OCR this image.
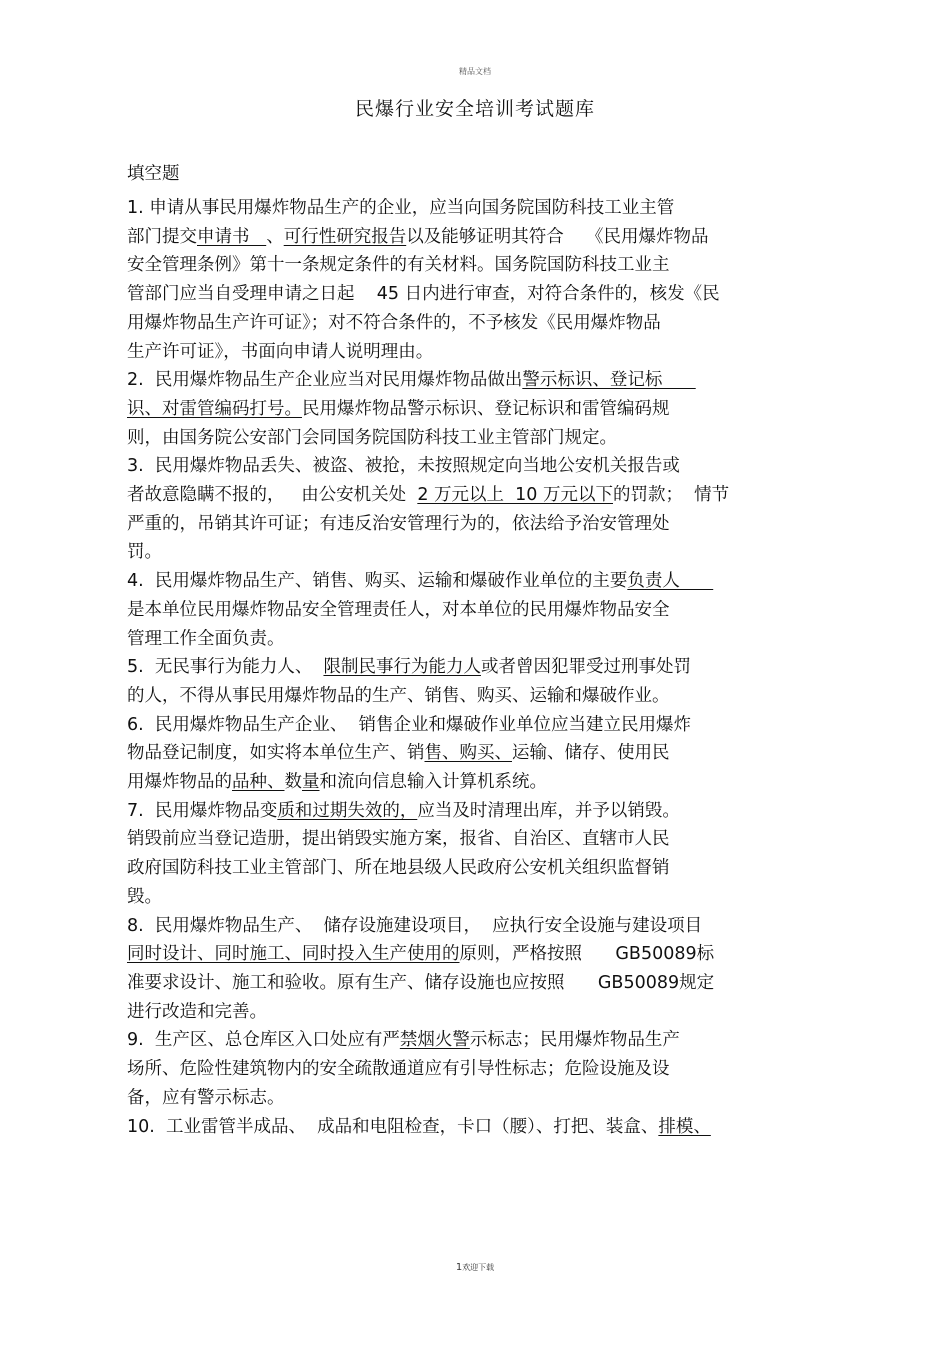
精品文档
民爆行业安全培训考试题库
填空题
1. 申请从事民用爆炸物品生产的企业，应当向国务院国防科技工业主管
部门提交申请书   、可行性研究报告以及能够证明其符合    《民用爆炸物品
安全管理条例》第十一条规定条件的有关材料。国务院国防科技工业主
管部门应当自受理申请之日起    45 日内进行审查，对符合条件的，核发《民
用爆炸物品生产许可证》；对不符合条件的，不予核发《民用爆炸物品
生产许可证》，书面向申请人说明理由。
2.  民用爆炸物品生产企业应当对民用爆炸物品做出警示标识、登记标
识、对雷管编码打号。民用爆炸物品警示标识、登记标识和雷管编码规
则，由国务院公安部门会同国务院国防科技工业主管部门规定。
3.  民用爆炸物品丢失、被盗、被抢，未按照规定向当地公安机关报告或
者故意隐瞒不报的，   由公安机关处  2 万元以上  10 万元以下的罚款；  情节
严重的，吊销其许可证；有违反治安管理行为的，依法给予治安管理处
罚。
4.  民用爆炸物品生产、销售、购买、运输和爆破作业单位的主要负责人
是本单位民用爆炸物品安全管理责任人，对本单位的民用爆炸物品安全
管理工作全面负责。
5.  无民事行为能力人、  限制民事行为能力人或者曾因犯罪受过刑事处罚
的人，不得从事民用爆炸物品的生产、销售、购买、运输和爆破作业。
6.  民用爆炸物品生产企业、  销售企业和爆破作业单位应当建立民用爆炸
物品登记制度，如实将本单位生产、销售、购买、运输、储存、使用民
用爆炸物品的品种、数量和流向信息输入计算机系统。
7.  民用爆炸物品变质和过期失效的，应当及时清理出库，并予以销毁。
销毁前应当登记造册，提出销毁实施方案，报省、自治区、直辖市人民
政府国防科技工业主管部门、所在地县级人民政府公安机关组织监督销
毁。
8.  民用爆炸物品生产、  储存设施建设项目，  应执行安全设施与建设项目
同时设计、同时施工、同时投入生产使用的原则，严格按照      GB50089标
准要求设计、施工和验收。原有生产、储存设施也应按照      GB50089规定
进行改造和完善。
9.  生产区、总仓库区入口处应有严禁烟火警示标志；民用爆炸物品生产
场所、危险性建筑物内的安全疏散通道应有引导性标志；危险设施及设
备，应有警示标志。
10.  工业雷管半成品、  成品和电阻检查，卡口（腰）、打把、装盒、排模、
1欢迎下载
